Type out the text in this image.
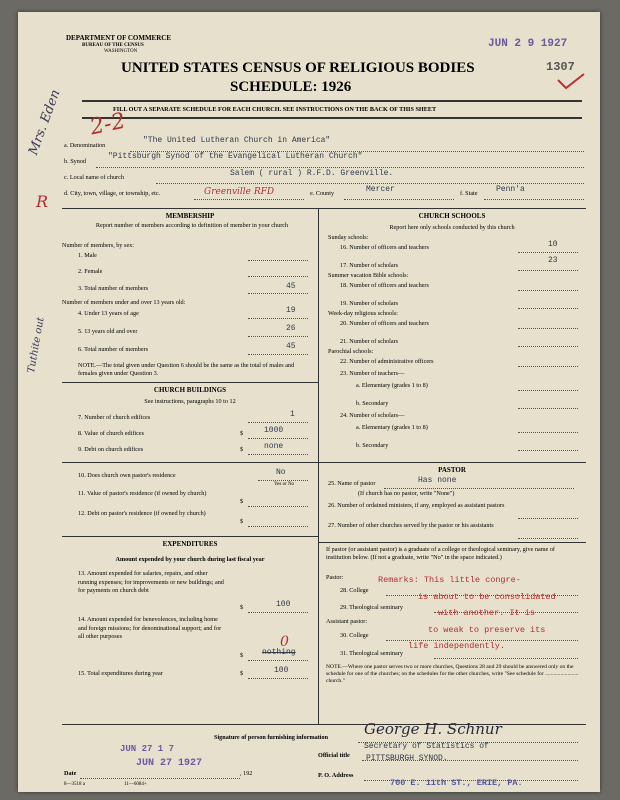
DEPARTMENT OF COMMERCE
BUREAU OF THE CENSUS
WASHINGTON
UNITED STATES CENSUS OF RELIGIOUS BODIES
SCHEDULE: 1926
JUN 2 9 1927
1307
FILL OUT A SEPARATE SCHEDULE FOR EACH CHURCH. SEE INSTRUCTIONS ON THE BACK OF THIS SHEET
Mrs. Eden 2-2
R
Tuthite out
a. Denomination
"The United Lutheran Church in America"
b. Synod
"Pittsburgh Synod of the Evangelical Lutheran Church"
c. Local name of church	Salem ( rural ) R.F.D. Greenville.
d. City, town, village, or township, etc.	Greenville RFD	e. County	Mercer	f. State Penn'a
MEMBERSHIP
Report number of members according to definition of member in your church
Number of members, by sex:
1. Male
2. Female
3. Total number of members	45
Number of members under and over 13 years old:
4. Under 13 years of age	19
5. 13 years old and over	26
6. Total number of members	45
NOTE.—The total given under Question 6 should be the same as the total of males and females given under Question 3.
CHURCH BUILDINGS
See instructions, paragraphs 10 to 12
7. Number of church edifices	1
8. Value of church edifices	$	1000
9. Debt on church edifices	$	none
10. Does church own pastor's residence	No
Yes or No
11. Value of pastor's residence (if owned by church)
$
12. Debt on pastor's residence (if owned by church)
$
EXPENDITURES
Amount expended by your church during last fiscal year
13. Amount expended for salaries, repairs, and other running expenses; for improvements or new buildings; and for payments on church debt
$	100
14. Amount expended for benevolences, including home and foreign missions; for denominational support; and for all other purposes	0
$ nothing
15. Total expenditures during year	$	100
CHURCH SCHOOLS
Report here only schools conducted by this church
Sunday schools:
16. Number of officers and teachers	10
17. Number of scholars
23
Summer vacation Bible schools:
18. Number of officers and teachers
19. Number of scholars
Week-day religious schools:
20. Number of officers and teachers
21. Number of scholars
Parochial schools:
22. Number of administrative officers
23. Number of teachers—
a. Elementary (grades 1 to 8)
b. Secondary
24. Number of scholars—
a. Elementary (grades 1 to 8)
b. Secondary
PASTOR
25. Name of pastor	Has none
(If church has no pastor, write "None")
26. Number of ordained ministers, if any, employed as assistant pastors
27. Number of other churches served by the pastor or his assistants
If pastor (or assistant pastor) is a graduate of a college or theological seminary, give name of institution below. (If not a graduate, write "No" in the space indicated.)
Pastor:
28. College
29. Theological seminary
Assistant pastor:
30. College
31. Theological seminary
Remarks: This little congre-
is about to be consolidated
with another. It is
to weak to preserve its
life independently.
NOTE.—Where one pastor serves two or more churches, Questions 28 and 29 should be answered only on the schedule for one of the churches; on the schedules for the other churches, write "See schedule for ........................ church."
Signature of person furnishing information George H. Schnur
Official title
Secretary of Statistics of
PITTSBURGH SYNOD.
JUN 27 1 7
JUN 27 1927
Date	, 192	P. O. Address
700 E. 11th ST., ERIE, PA.
8—3518 a	11—6084+
